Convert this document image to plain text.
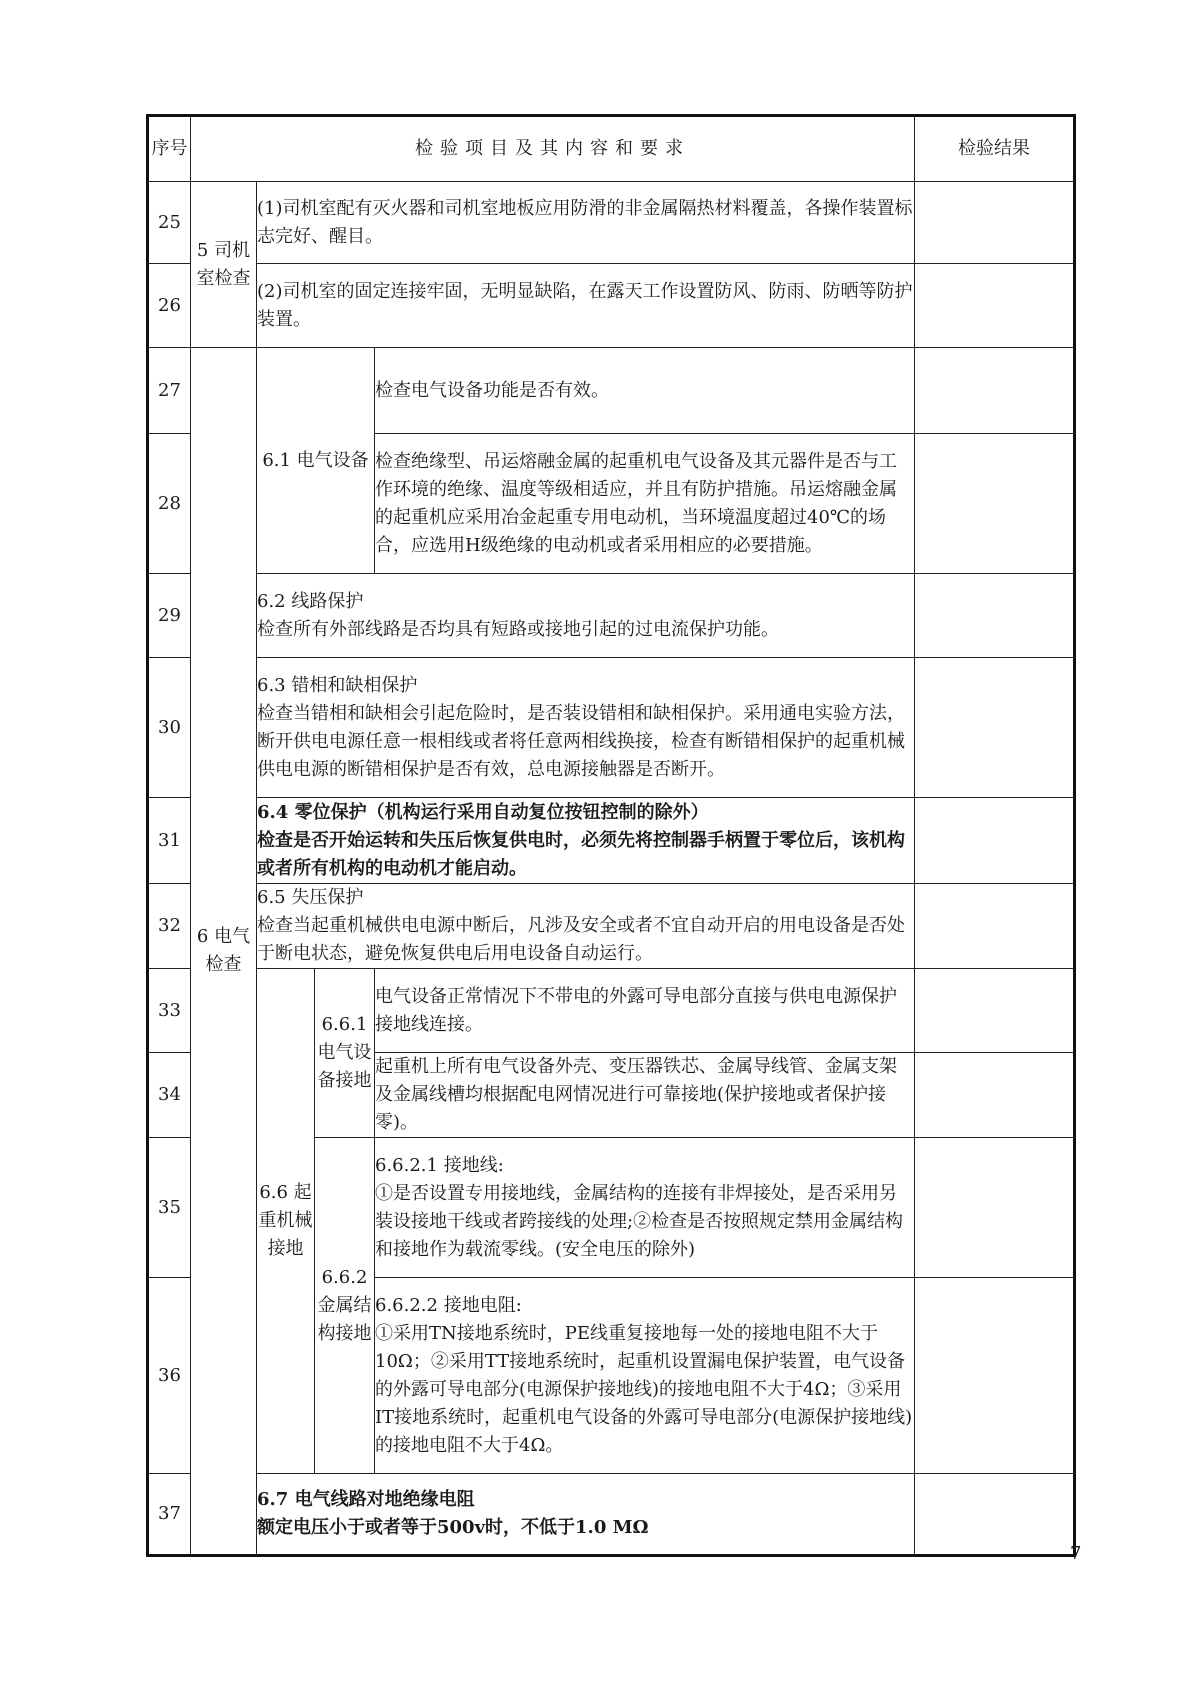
序号	检验项目及其内容和要求				检验结果
25	5 司机室检查	(1)司机室配有灭火器和司机室地板应用防滑的非金属隔热材料覆盖，各操作装置标志完好、醒目。			
26		(2)司机室的固定连接牢固，无明显缺陷，在露天工作设置防风、防雨、防晒等防护装置。			
27	6 电气检查	6.1 电气设备		检查电气设备功能是否有效。	
28				检查绝缘型、吊运熔融金属的起重机电气设备及其元器件是否与工作环境的绝缘、温度等级相适应，并且有防护措施。吊运熔融金属的起重机应采用冶金起重专用电动机，当环境温度超过40℃的场合，应选用H级绝缘的电动机或者采用相应的必要措施。	
29		6.2 线路保护
检查所有外部线路是否均具有短路或接地引起的过电流保护功能。			

30		6.3 错相和缺相保护
检查当错相和缺相会引起危险时，是否装设错相和缺相保护。采用通电实验方法，断开供电电源任意一根相线或者将任意两相线换接，检查有断错相保护的起重机械供电电源的断错相保护是否有效，总电源接触器是否断开。			

31		6.4 零位保护（机构运行采用自动复位按钮控制的除外）
检查是否开始运转和失压后恢复供电时，必须先将控制器手柄置于零位后，该机构或者所有机构的电动机才能启动。			

32		6.5 失压保护
检查当起重机械供电电源中断后，凡涉及安全或者不宜自动开启的用电设备是否处于断电状态，避免恢复供电后用电设备自动运行。			

33		6.6 起重机械接地	6.6.1 电气设备接地	电气设备正常情况下不带电的外露可导电部分直接与供电电源保护接地线连接。	
34				起重机上所有电气设备外壳、变压器铁芯、金属导线管、金属支架及金属线槽均根据配电网情况进行可靠接地(保护接地或者保护接零)。	
35			6.6.2 金属结构接地	6.6.2.1 接地线:
①是否设置专用接地线，金属结构的连接有非焊接处，是否采用另装设接地干线或者跨接线的处理;②检查是否按照规定禁用金属结构和接地作为载流零线。(安全电压的除外)	

36				6.6.2.2 接地电阻:
①采用TN接地系统时，PE线重复接地每一处的接地电阻不大于10Ω；②采用TT接地系统时，起重机设置漏电保护装置，电气设备的外露可导电部分(电源保护接地线)的接地电阻不大于4Ω；③采用IT接地系统时，起重机电气设备的外露可导电部分(电源保护接地线)的接地电阻不大于4Ω。	

37		6.7 电气线路对地绝缘电阻
额定电压小于或者等于500v时，不低于1.0 MΩ			

7
